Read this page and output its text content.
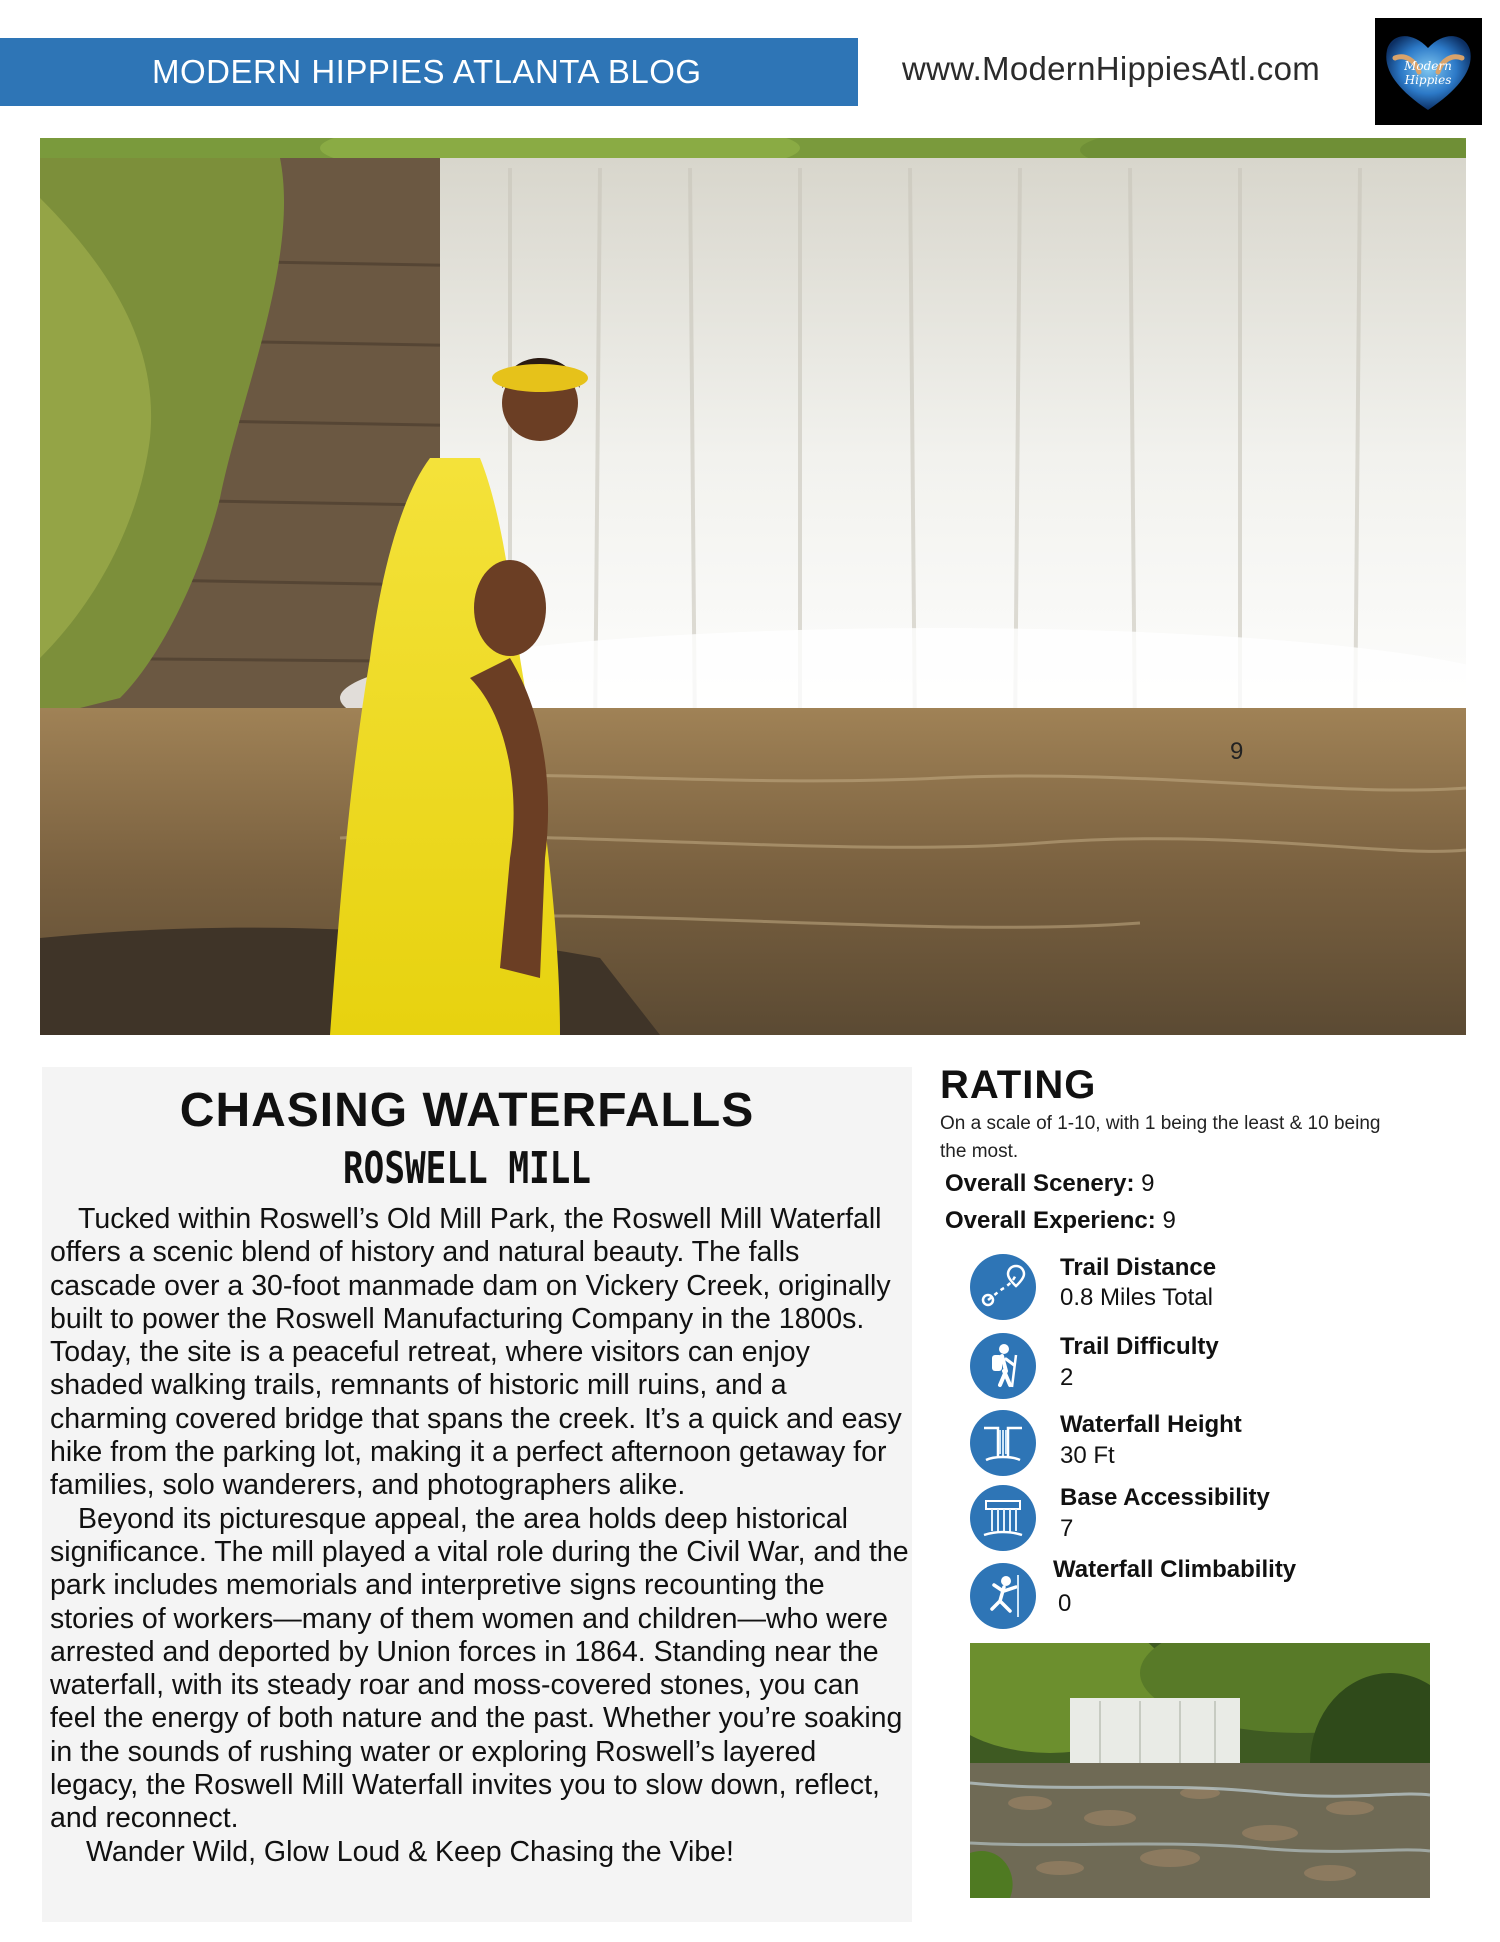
MODERN HIPPIES ATLANTA BLOG	www.ModernHippiesAtl.com	Modern
Hippies
9
CHASING WATERFALLS
ROSWELL MILL

Tucked within Roswell’s Old Mill Park, the Roswell Mill Waterfall offers a scenic blend of history and natural beauty. The falls cascade over a 30-foot manmade dam on Vickery Creek, originally built to power the Roswell Manufacturing Company in the 1800s. Today, the site is a peaceful retreat, where visitors can enjoy shaded walking trails, remnants of historic mill ruins, and a charming covered bridge that spans the creek. It’s a quick and easy hike from the parking lot, making it a perfect afternoon getaway for families, solo wanderers, and photographers alike.

Beyond its picturesque appeal, the area holds deep historical significance. The mill played a vital role during the Civil War, and the park includes memorials and interpretive signs recounting the stories of workers—many of them women and children—who were arrested and deported by Union forces in 1864. Standing near the waterfall, with its steady roar and moss-covered stones, you can feel the energy of both nature and the past. Whether you’re soaking in the sounds of rushing water or exploring Roswell’s layered legacy, the Roswell Mill Waterfall invites you to slow down, reflect, and reconnect.

Wander Wild, Glow Loud & Keep Chasing the Vibe!

RATING
On a scale of 1-10, with 1 being the least & 10 being the most.
Overall Scenery: 9
Overall Experienc: 9
Trail Distance
0.8 Miles Total
Trail Difficulty
2
Waterfall Height
30 Ft
Base Accessibility
7
Waterfall Climbability
0
